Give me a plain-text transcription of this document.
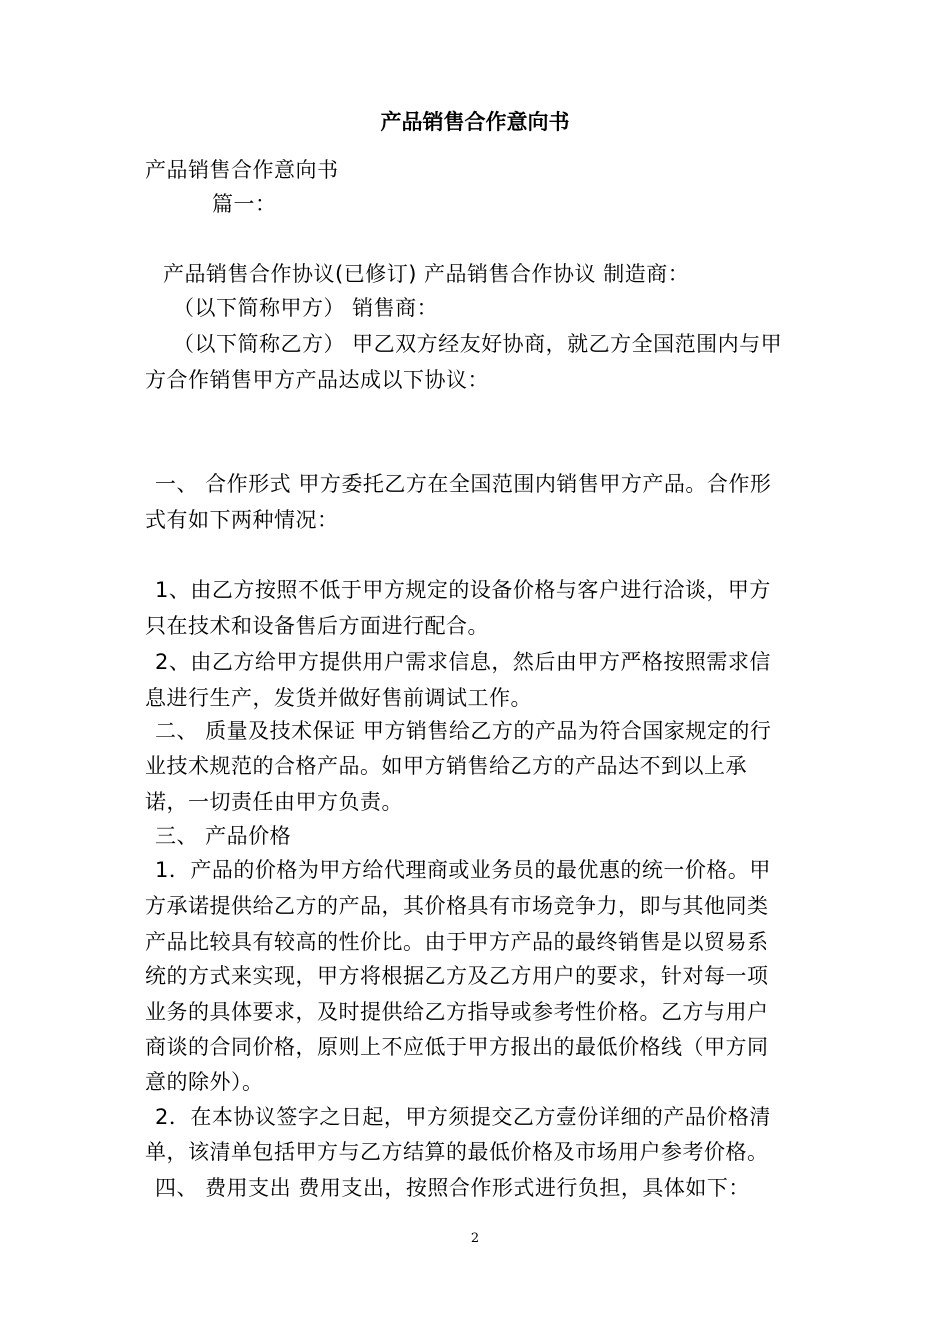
产品销售合作意向书
产品销售合作意向书
篇一：
产品销售合作协议(已修订) 产品销售合作协议 制造商：
（以下简称甲方） 销售商：
（以下简称乙方） 甲乙双方经友好协商，就乙方全国范围内与甲
方合作销售甲方产品达成以下协议：
一、 合作形式 甲方委托乙方在全国范围内销售甲方产品。合作形
式有如下两种情况：
1、由乙方按照不低于甲方规定的设备价格与客户进行洽谈，甲方
只在技术和设备售后方面进行配合。
2、由乙方给甲方提供用户需求信息，然后由甲方严格按照需求信
息进行生产，发货并做好售前调试工作。
二、 质量及技术保证 甲方销售给乙方的产品为符合国家规定的行
业技术规范的合格产品。如甲方销售给乙方的产品达不到以上承
诺，一切责任由甲方负责。
三、 产品价格
1．产品的价格为甲方给代理商或业务员的最优惠的统一价格。甲
方承诺提供给乙方的产品，其价格具有市场竞争力，即与其他同类
产品比较具有较高的性价比。由于甲方产品的最终销售是以贸易系
统的方式来实现，甲方将根据乙方及乙方用户的要求，针对每一项
业务的具体要求，及时提供给乙方指导或参考性价格。乙方与用户
商谈的合同价格，原则上不应低于甲方报出的最低价格线（甲方同
意的除外）。
2．在本协议签字之日起，甲方须提交乙方壹份详细的产品价格清
单，该清单包括甲方与乙方结算的最低价格及市场用户参考价格。
四、 费用支出 费用支出，按照合作形式进行负担，具体如下：
2
